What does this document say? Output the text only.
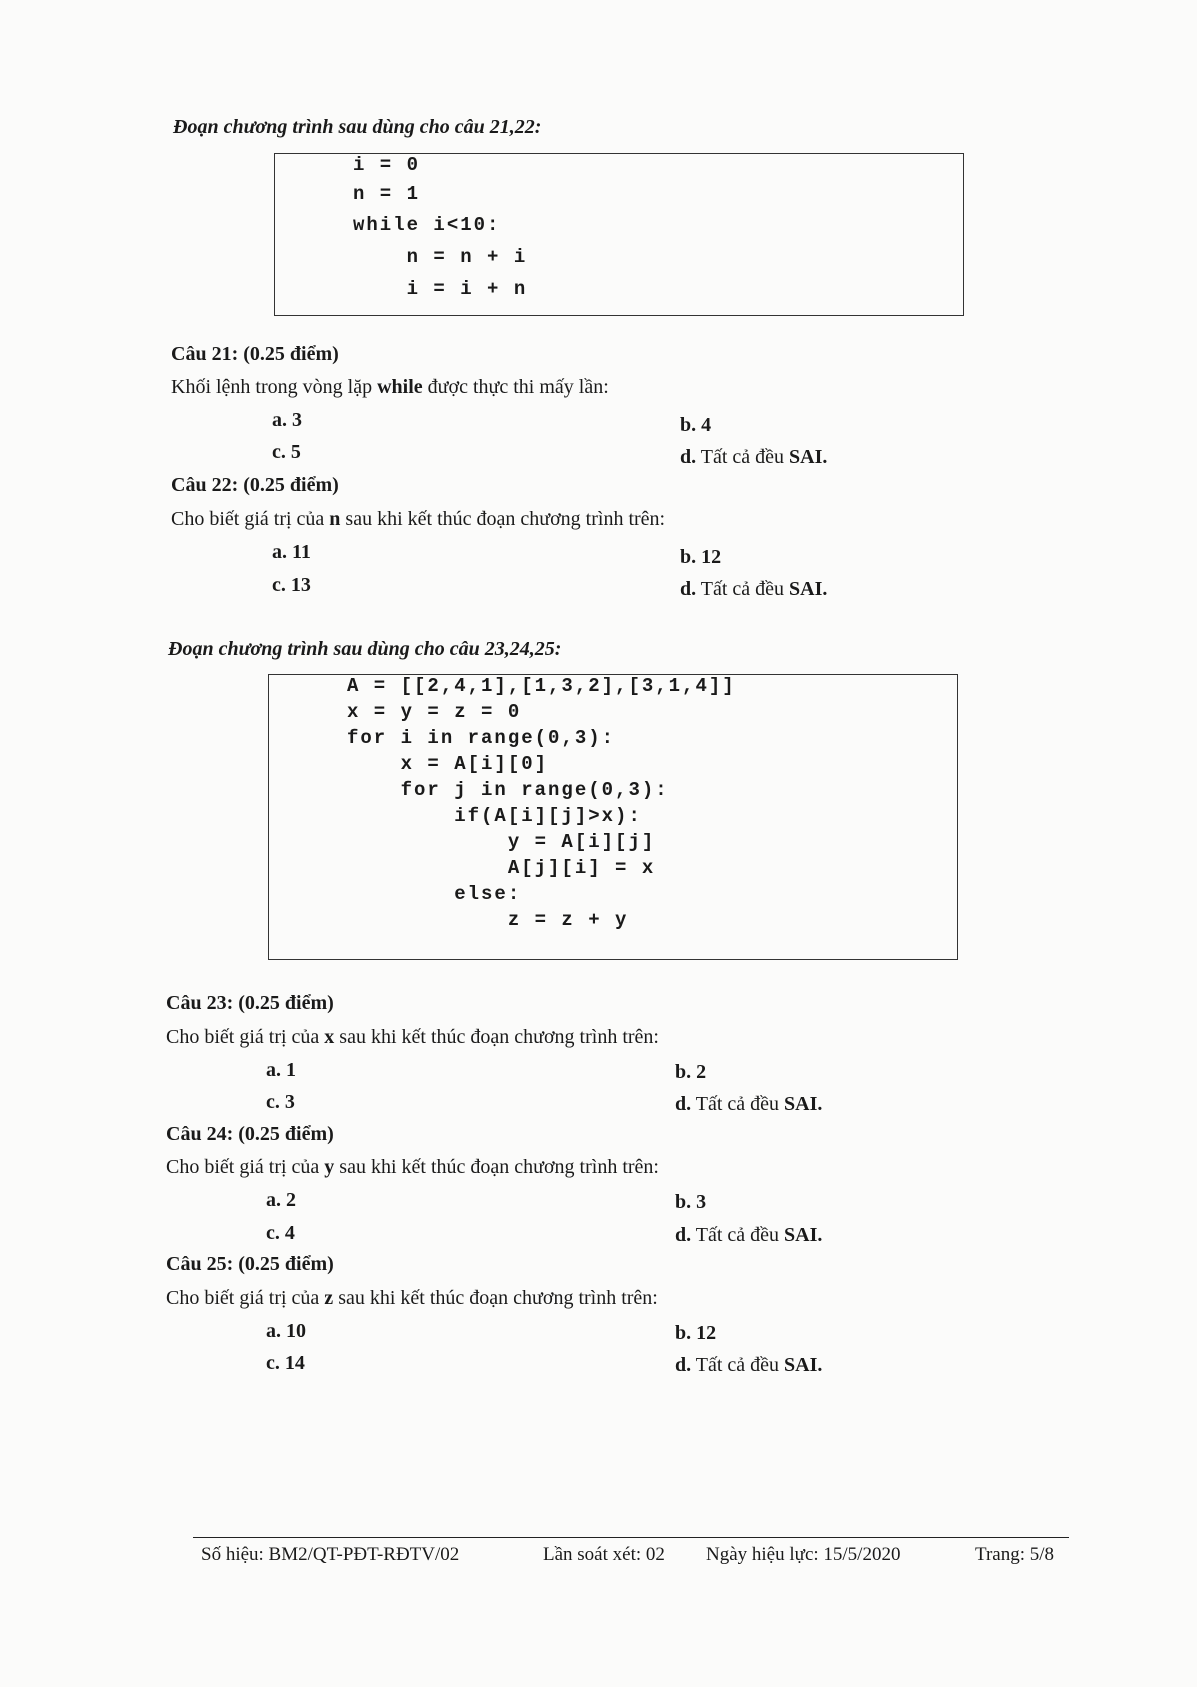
Đoạn chương trình sau dùng cho câu 21,22:
i = 0
n = 1
while i<10:
n = n + i
i = i + n
Câu 21: (0.25 điểm)
Khối lệnh trong vòng lặp while được thực thi mấy lần:
a. 3	b. 4
c. 5	d. Tất cả đều SAI.
Câu 22: (0.25 điểm)
Cho biết giá trị của n sau khi kết thúc đoạn chương trình trên:
a. 11	b. 12
c. 13	d. Tất cả đều SAI.
Đoạn chương trình sau dùng cho câu 23,24,25:
A = [[2,4,1],[1,3,2],[3,1,4]]
x = y = z = 0
for i in range(0,3):
x = A[i][0]
for j in range(0,3):
if(A[i][j]>x):
y = A[i][j]
A[j][i] = x
else:
z = z + y
Câu 23: (0.25 điểm)
Cho biết giá trị của x sau khi kết thúc đoạn chương trình trên:
a. 1	b. 2
c. 3	d. Tất cả đều SAI.
Câu 24: (0.25 điểm)
Cho biết giá trị của y sau khi kết thúc đoạn chương trình trên:
a. 2	b. 3
c. 4	d. Tất cả đều SAI.
Câu 25: (0.25 điểm)
Cho biết giá trị của z sau khi kết thúc đoạn chương trình trên:
a. 10	b. 12
c. 14	d. Tất cả đều SAI.
Số hiệu: BM2/QT-PĐT-RĐTV/02	Lần soát xét: 02 Ngày hiệu lực: 15/5/2020	Trang: 5/8
